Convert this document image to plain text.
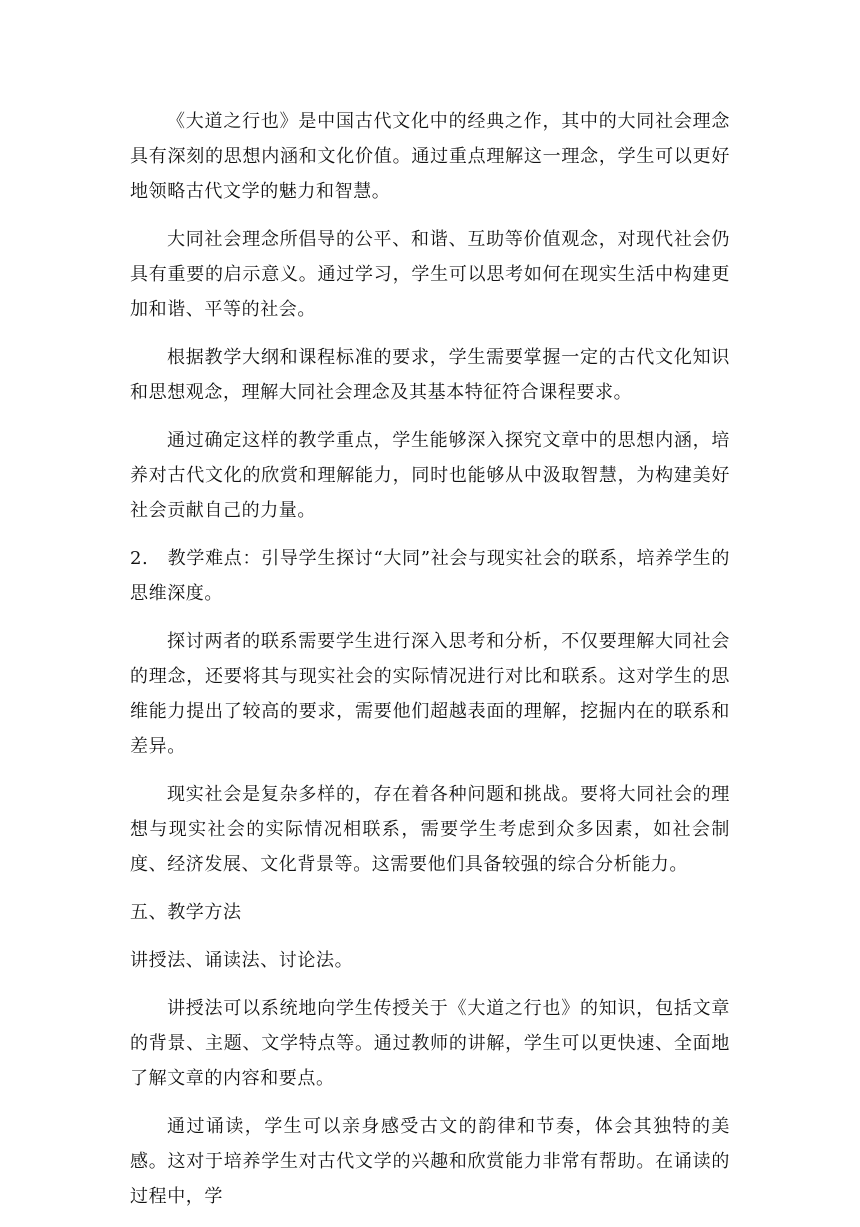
《大道之行也》是中国古代文化中的经典之作，其中的大同社会理念具有深刻的思想内涵和文化价值。通过重点理解这一理念，学生可以更好地领略古代文学的魅力和智慧。

大同社会理念所倡导的公平、和谐、互助等价值观念，对现代社会仍具有重要的启示意义。通过学习，学生可以思考如何在现实生活中构建更加和谐、平等的社会。

根据教学大纲和课程标准的要求，学生需要掌握一定的古代文化知识和思想观念，理解大同社会理念及其基本特征符合课程要求。

通过确定这样的教学重点，学生能够深入探究文章中的思想内涵，培养对古代文化的欣赏和理解能力，同时也能够从中汲取智慧，为构建美好社会贡献自己的力量。

2.   教学难点：引导学生探讨“大同”社会与现实社会的联系，培养学生的思维深度。

探讨两者的联系需要学生进行深入思考和分析，不仅要理解大同社会的理念，还要将其与现实社会的实际情况进行对比和联系。这对学生的思维能力提出了较高的要求，需要他们超越表面的理解，挖掘内在的联系和差异。

现实社会是复杂多样的，存在着各种问题和挑战。要将大同社会的理想与现实社会的实际情况相联系，需要学生考虑到众多因素，如社会制度、经济发展、文化背景等。这需要他们具备较强的综合分析能力。

五、教学方法

讲授法、诵读法、讨论法。

讲授法可以系统地向学生传授关于《大道之行也》的知识，包括文章的背景、主题、文学特点等。通过教师的讲解，学生可以更快速、全面地了解文章的内容和要点。

通过诵读，学生可以亲身感受古文的韵律和节奏，体会其独特的美感。这对于培养学生对古代文学的兴趣和欣赏能力非常有帮助。在诵读的过程中，学
